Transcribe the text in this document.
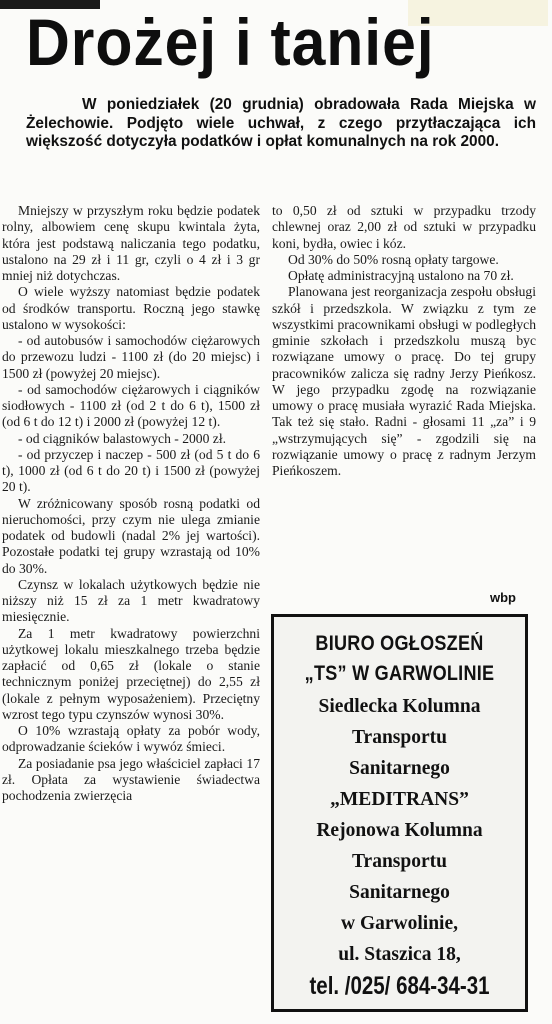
Drożej i taniej
W poniedziałek (20 grudnia) obradowała Rada Miejska w Żelechowie. Podjęto wiele uchwał, z czego przytłaczająca ich większość dotyczyła podatków i opłat komunalnych na rok 2000.

Mniejszy w przyszłym roku będzie podatek rolny, albowiem cenę skupu kwintala żyta, która jest podstawą naliczania tego podatku, ustalono na 29 zł i 11 gr, czyli o 4 zł i 3 gr mniej niż dotychczas.

O wiele wyższy natomiast będzie podatek od środków transportu. Roczną jego stawkę ustalono w wysokości:

- od autobusów i samochodów ciężarowych do przewozu ludzi - 1100 zł (do 20 miejsc) i 1500 zł (powyżej 20 miejsc).

- od samochodów ciężarowych i ciągników siodłowych - 1100 zł (od 2 t do 6 t), 1500 zł (od 6 t do 12 t) i 2000 zł (powyżej 12 t).

- od ciągników balastowych - 2000 zł.

- od przyczep i naczep - 500 zł (od 5 t do 6 t), 1000 zł (od 6 t do 20 t) i 1500 zł (powyżej 20 t).

W zróżnicowany sposób rosną podatki od nieruchomości, przy czym nie ulega zmianie podatek od budowli (nadal 2% jej wartości). Pozostałe podatki tej grupy wzrastają od 10% do 30%.

Czynsz w lokalach użytkowych będzie nie niższy niż 15 zł za 1 metr kwadratowy miesięcznie.

Za 1 metr kwadratowy powierzchni użytkowej lokalu mieszkalnego trzeba będzie zapłacić od 0,65 zł (lokale o stanie technicznym poniżej przeciętnej) do 2,55 zł (lokale z pełnym wyposażeniem). Przeciętny wzrost tego typu czynszów wynosi 30%.

O 10% wzrastają opłaty za pobór wody, odprowadzanie ścieków i wywóz śmieci.

Za posiadanie psa jego właściciel zapłaci 17 zł. Opłata za wystawienie świadectwa pochodzenia zwierzęcia

to 0,50 zł od sztuki w przypadku trzody chlewnej oraz 2,00 zł od sztuki w przypadku koni, bydła, owiec i kóz.

Od 30% do 50% rosną opłaty targowe.

Opłatę administracyjną ustalono na 70 zł.

Planowana jest reorganizacja zespołu obsługi szkół i przedszkola. W związku z tym ze wszystkimi pracownikami obsługi w podległych gminie szkołach i przedszkolu muszą byc rozwiązane umowy o pracę. Do tej grupy pracowników zalicza się radny Jerzy Pieńkosz. W jego przypadku zgodę na rozwiązanie umowy o pracę musiała wyrazić Rada Miejska. Tak też się stało. Radni - głosami 11 „za” i 9 „wstrzymujących się” - zgodzili się na rozwiązanie umowy o pracę z radnym Jerzym Pieńkoszem.

wbp
BIURO OGŁOSZEŃ
„TS” W GARWOLINIE
Siedlecka Kolumna
Transportu
Sanitarnego
„MEDITRANS”
Rejonowa Kolumna
Transportu
Sanitarnego
w Garwolinie,
ul. Staszica 18,
tel. /025/ 684-34-31
